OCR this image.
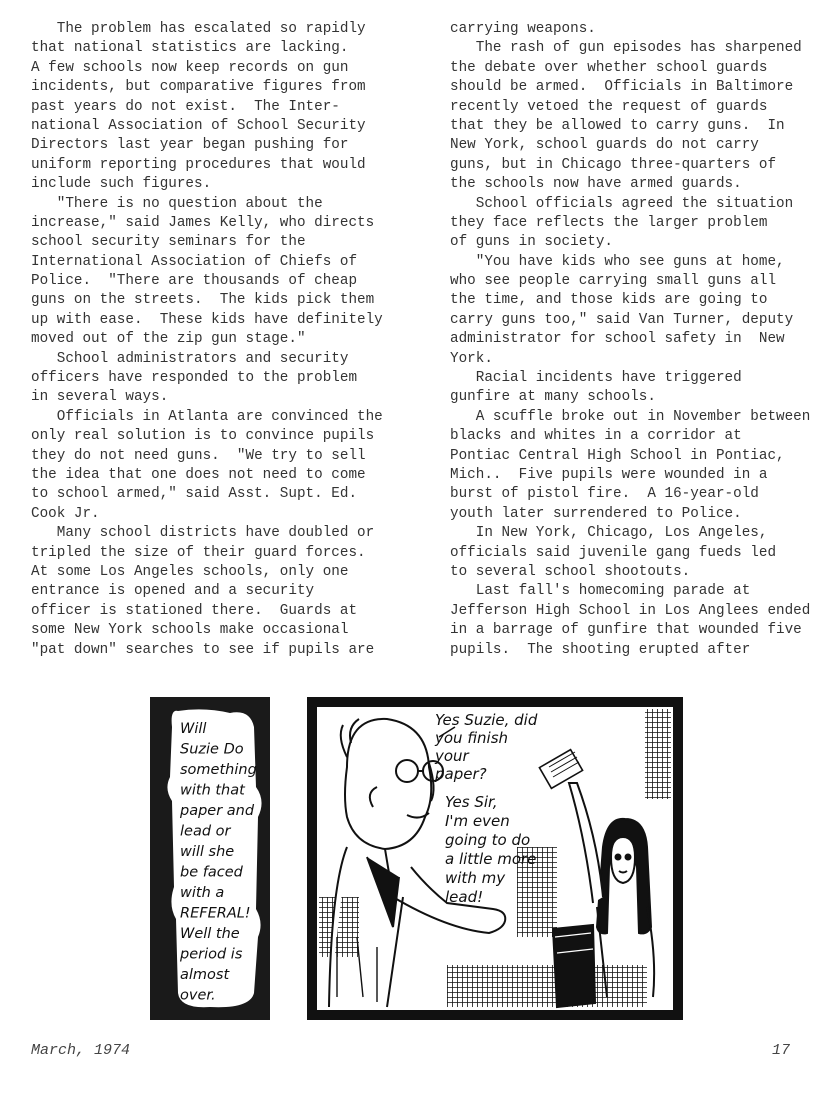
The problem has escalated so rapidly
that national statistics are lacking.
A few schools now keep records on gun
incidents, but comparative figures from
past years do not exist.  The Inter-
national Association of School Security
Directors last year began pushing for
uniform reporting procedures that would
include such figures.
"There is no question about the
increase," said James Kelly, who directs
school security seminars for the
International Association of Chiefs of
Police.  "There are thousands of cheap
guns on the streets.  The kids pick them
up with ease.  These kids have definitely
moved out of the zip gun stage."
School administrators and security
officers have responded to the problem
in several ways.
Officials in Atlanta are convinced the
only real solution is to convince pupils
they do not need guns.  "We try to sell
the idea that one does not need to come
to school armed," said Asst. Supt. Ed.
Cook Jr.
Many school districts have doubled or
tripled the size of their guard forces.
At some Los Angeles schools, only one
entrance is opened and a security
officer is stationed there.  Guards at
some New York schools make occasional
"pat down" searches to see if pupils are
carrying weapons.
The rash of gun episodes has sharpened
the debate over whether school guards
should be armed.  Officials in Baltimore
recently vetoed the request of guards
that they be allowed to carry guns.  In
New York, school guards do not carry
guns, but in Chicago three-quarters of
the schools now have armed guards.
School officials agreed the situation
they face reflects the larger problem
of guns in society.
"You have kids who see guns at home,
who see people carrying small guns all
the time, and those kids are going to
carry guns too," said Van Turner, deputy
administrator for school safety in  New
York.
Racial incidents have triggered
gunfire at many schools.
A scuffle broke out in November between
blacks and whites in a corridor at
Pontiac Central High School in Pontiac,
Mich..  Five pupils were wounded in a
burst of pistol fire.  A 16-year-old
youth later surrendered to Police.
In New York, Chicago, Los Angeles,
officials said juvenile gang fueds led
to several school shootouts.
Last fall's homecoming parade at
Jefferson High School in Los Anglees ended
in a barrage of gunfire that wounded five
pupils.  The shooting erupted after
Will Suzie Do something with that paper and lead or will she be faced with a REFERAL! Well the period is almost over.
Yes Suzie, did you finish your paper?
Yes Sir, I'm even going to do a little more with my lead!
March, 1974	17
